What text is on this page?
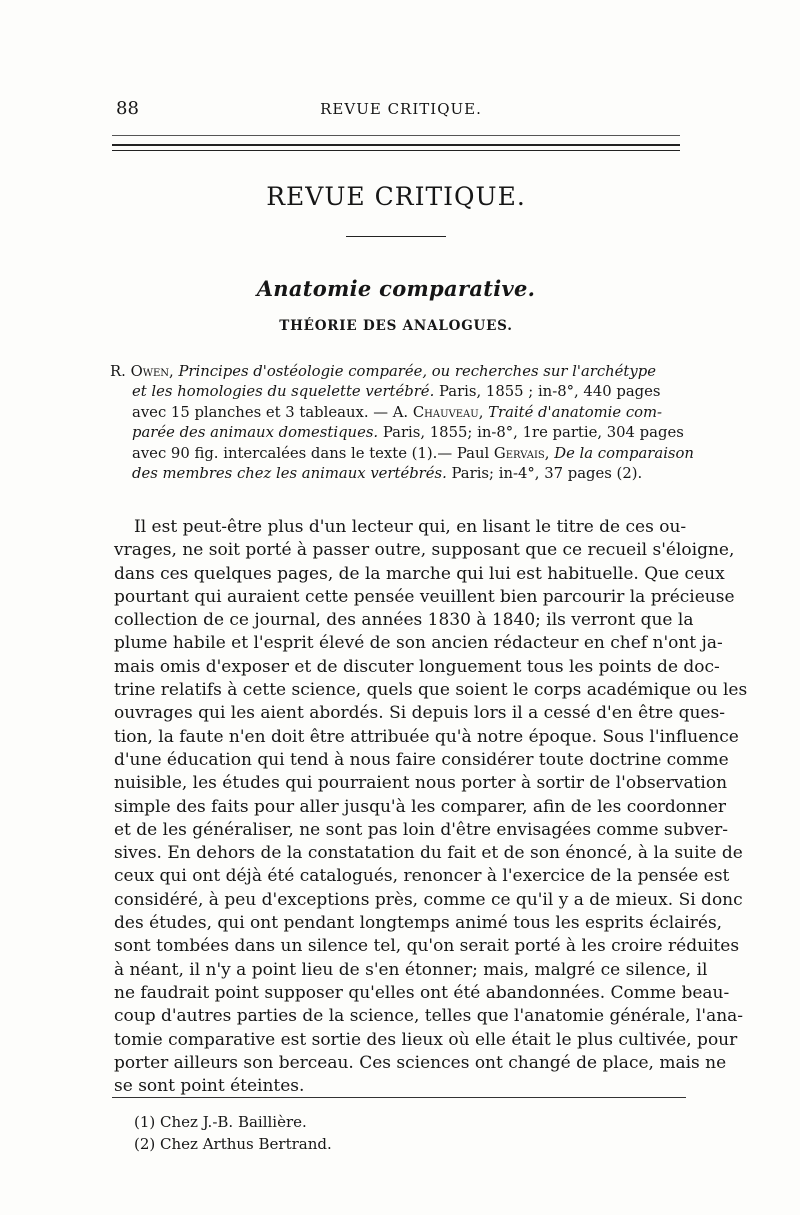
88	REVUE CRITIQUE.
REVUE CRITIQUE.
Anatomie comparative.
THÉORIE DES ANALOGUES.
R. Owen, Principes d'ostéologie comparée, ou recherches sur l'archétype
et les homologies du squelette vertébré. Paris, 1855 ; in-8°, 440 pages
avec 15 planches et 3 tableaux. — A. Chauveau, Traité d'anatomie com-
parée des animaux domestiques. Paris, 1855; in-8°, 1re partie, 304 pages
avec 90 fig. intercalées dans le texte (1).— Paul Gervais, De la comparaison
des membres chez les animaux vertébrés. Paris; in-4°, 37 pages (2).
Il est peut-être plus d'un lecteur qui, en lisant le titre de ces ou-
vrages, ne soit porté à passer outre, supposant que ce recueil s'éloigne,
dans ces quelques pages, de la marche qui lui est habituelle. Que ceux
pourtant qui auraient cette pensée veuillent bien parcourir la précieuse
collection de ce journal, des années 1830 à 1840; ils verront que la
plume habile et l'esprit élevé de son ancien rédacteur en chef n'ont ja-
mais omis d'exposer et de discuter longuement tous les points de doc-
trine relatifs à cette science, quels que soient le corps académique ou les
ouvrages qui les aient abordés. Si depuis lors il a cessé d'en être ques-
tion, la faute n'en doit être attribuée qu'à notre époque. Sous l'influence
d'une éducation qui tend à nous faire considérer toute doctrine comme
nuisible, les études qui pourraient nous porter à sortir de l'observation
simple des faits pour aller jusqu'à les comparer, afin de les coordonner
et de les généraliser, ne sont pas loin d'être envisagées comme subver-
sives. En dehors de la constatation du fait et de son énoncé, à la suite de
ceux qui ont déjà été catalogués, renoncer à l'exercice de la pensée est
considéré, à peu d'exceptions près, comme ce qu'il y a de mieux. Si donc
des études, qui ont pendant longtemps animé tous les esprits éclairés,
sont tombées dans un silence tel, qu'on serait porté à les croire réduites
à néant, il n'y a point lieu de s'en étonner; mais, malgré ce silence, il
ne faudrait point supposer qu'elles ont été abandonnées. Comme beau-
coup d'autres parties de la science, telles que l'anatomie générale, l'ana-
tomie comparative est sortie des lieux où elle était le plus cultivée, pour
porter ailleurs son berceau. Ces sciences ont changé de place, mais ne
se sont point éteintes.
(1) Chez J.-B. Baillière.
(2) Chez Arthus Bertrand.
